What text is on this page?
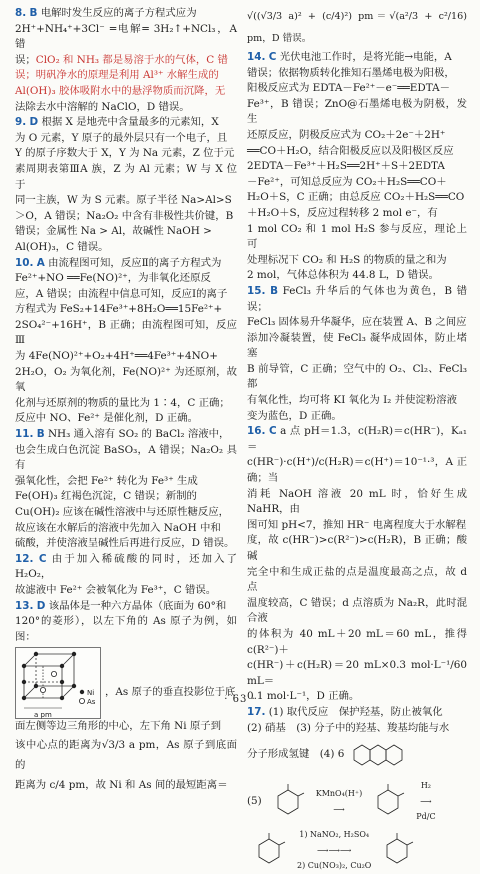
8. B 电解时发生反应的离子方程式应为

2H⁺+NH₄⁺+3Cl⁻ ═电解═ 3H₂↑+NCl₃，A 错

误；ClO₂ 和 NH₃ 都是易溶于水的气体，C 错

误；明矾净水的原理是利用 Al³⁺ 水解生成的

Al(OH)₃ 胶体吸附水中的悬浮物质而沉降，无

法除去水中溶解的 NaClO，D 错误。

9. D 根据 X 是地壳中含量最多的元素知，X

为 O 元素，Y 原子的最外层只有一个电子，且

Y 的原子序数大于 X，Y 为 Na 元素，Z 位于元

素周期表第ⅢA 族，Z 为 Al 元素；W 与 X 位于

同一主族，W 为 S 元素。原子半径 Na>Al>S

＞O，A 错误；Na₂O₂ 中含有非极性共价键，B

错误；金属性 Na > Al，故碱性 NaOH >

Al(OH)₃，C 错误。

10. A 由流程图可知，反应Ⅱ的离子方程式为

Fe²⁺+NO ══Fe(NO)²⁺，为非氧化还原反

应，A 错误；由流程中信息可知，反应Ⅰ的离子

方程式为 FeS₂+14Fe³⁺+8H₂O══15Fe²⁺+

2SO₄²⁻+16H⁺，B 正确；由流程图可知，反应Ⅲ

为 4Fe(NO)²⁺+O₂+4H⁺══4Fe³⁺+4NO+

2H₂O，O₂ 为氧化剂，Fe(NO)²⁺ 为还原剂，故氧

化剂与还原剂的物质的量比为 1∶4，C 正确；

反应中 NO、Fe²⁺ 是催化剂，D 正确。

11. B NH₃ 通入溶有 SO₂ 的 BaCl₂ 溶液中，

也会生成白色沉淀 BaSO₃，A 错误；Na₂O₂ 具有

强氧化性，会把 Fe²⁺ 转化为 Fe³⁺ 生成

Fe(OH)₃ 红褐色沉淀，C 错误；新制的

Cu(OH)₂ 应该在碱性溶液中与还原性糖反应，

故应该在水解后的溶液中先加入 NaOH 中和

硫酸，并使溶液呈碱性后再进行反应，D 错误。

12. C 由于加入稀硫酸的同时，还加入了 H₂O₂，

故滤液中 Fe²⁺ 会被氧化为 Fe³⁺，C 错误。

13. D 该晶体是一种六方晶体（底面为 60°和

120°的菱形），以左下角的 As 原子为例，如图：

Ni
As
a pm

，As 原子的垂直投影位于底

面左侧等边三角形的中心，左下角 Ni 原子到

该中心点的距离为√3/3 a pm，As 原子到底面的

距离为 c/4 pm，故 Ni 和 As 间的最短距离＝

√((√3/3 a)² + (c/4)²) pm＝√(a²/3 + c²/16) pm，D 错误。

14. C 光伏电池工作时，是将光能→电能，A

错误；依据物质转化推知石墨烯电极为阳极，

阳极反应式为 EDTA－Fe²⁺－e⁻══EDTA－

Fe³⁺，B 错误；ZnO@石墨烯电极为阴极，发生

还原反应，阴极反应式为 CO₂＋2e⁻＋2H⁺

══CO＋H₂O，结合阳极反应以及阳极区反应

2EDTA－Fe³⁺＋H₂S══2H⁺＋S＋2EDTA

－Fe²⁺，可知总反应为 CO₂＋H₂S══CO＋

H₂O＋S，C 正确；由总反应 CO₂＋H₂S══CO

＋H₂O＋S，反应过程转移 2 mol e⁻，有

1 mol CO₂ 和 1 mol H₂S 参与反应，理论上可

处理标况下 CO₂ 和 H₂S 的物质的量之和为

2 mol，气体总体积为 44.8 L，D 错误。

15. B FeCl₃ 升华后的气体也为黄色，B 错误；

FeCl₃ 固体易升华凝华，应在装置 A、B 之间应

添加冷凝装置，使 FeCl₃ 凝华成固体，防止堵塞

B 前导管，C 正确；空气中的 O₂、Cl₂、FeCl₃ 都

有氧化性，均可将 KI 氧化为 I₂ 并使淀粉溶液

变为蓝色，D 正确。

16. C a 点 pH＝1.3，c(H₂R)＝c(HR⁻)，Kₐ₁＝

c(HR⁻)·c(H⁺)/c(H₂R)＝c(H⁺)＝10⁻¹·³，A 正确；当

消耗 NaOH 溶液 20 mL 时，恰好生成 NaHR，由

图可知 pH<7，推知 HR⁻ 电离程度大于水解程

度，故 c(HR⁻)>c(R²⁻)>c(H₂R)，B 正确；酸碱

完全中和生成正盐的点是温度最高之点，故 d 点

温度较高，C 错误；d 点溶质为 Na₂R，此时混合液

的体积为 40 mL＋20 mL＝60 mL，推得 c(R²⁻)＋

c(HR⁻)＋c(H₂R)＝20 mL×0.3 mol·L⁻¹/60 mL＝

0.1 mol·L⁻¹，D 正确。

17. (1) 取代反应　保护羟基，防止被氧化

(2) 硝基　(3) 分子中的羟基、羧基均能与水

分子形成氢键　(4) 6
(5)
KMnO₄(H⁺)
⟶
H₂
⟶
Pd/C
1) NaNO₂, H₂SO₄
⟶⟶⟶
2) Cu(NO₃)₂, Cu₂O
· 63 ·
